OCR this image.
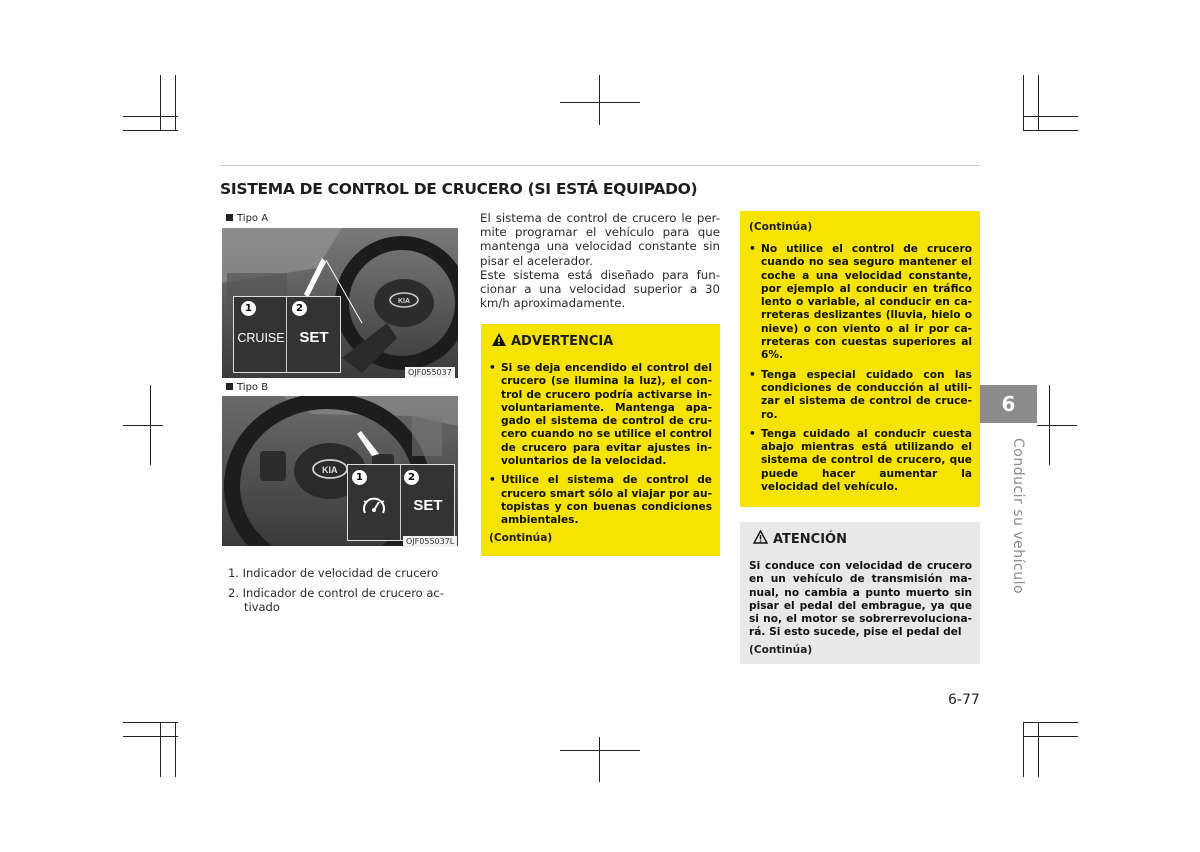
SISTEMA DE CONTROL DE CRUCERO (SI ESTÁ EQUIPADO)
Tipo A
KIA
1	2
CRUISE SET
OJF055037
Tipo B
KIA
1	2
SET
OJF055037L
1. Indicador de velocidad de crucero
2. Indicador de control de crucero ac-tivado

El sistema de control de crucero le per-mite programar el vehículo para que mantenga una velocidad constante sin pisar el acelerador.

Este sistema está diseñado para fun-cionar a una velocidad superior a 30 km/h aproximadamente.

ADVERTENCIA
• Si se deja encendido el control del crucero (se ilumina la luz), el con-trol de crucero podría activarse in-voluntariamente. Mantenga apa-gado el sistema de control de cru-cero cuando no se utilice el control de crucero para evitar ajustes in-voluntarios de la velocidad.
• Utilice el sistema de control de crucero smart sólo al viajar por au-topistas y con buenas condiciones ambientales.
(Continúa)
(Continúa)
• No utilice el control de crucero cuando no sea seguro mantener el coche a una velocidad constante, por ejemplo al conducir en tráfico lento o variable, al conducir en ca-rreteras deslizantes (lluvia, hielo o nieve) o con viento o al ir por ca-rreteras con cuestas superiores al 6%.
• Tenga especial cuidado con las condiciones de conducción al utili-zar el sistema de control de cruce-ro.
• Tenga cuidado al conducir cuesta abajo mientras está utilizando el sistema de control de crucero, que puede hacer aumentar la velocidad del vehículo.
ATENCIÓN
Si conduce con velocidad de crucero en un vehículo de transmisión ma-nual, no cambia a punto muerto sin pisar el pedal del embrague, ya que si no, el motor se sobrerrevoluciona-rá. Si esto sucede, pise el pedal del
(Continúa)
6
Conducir su vehículo
6-77
